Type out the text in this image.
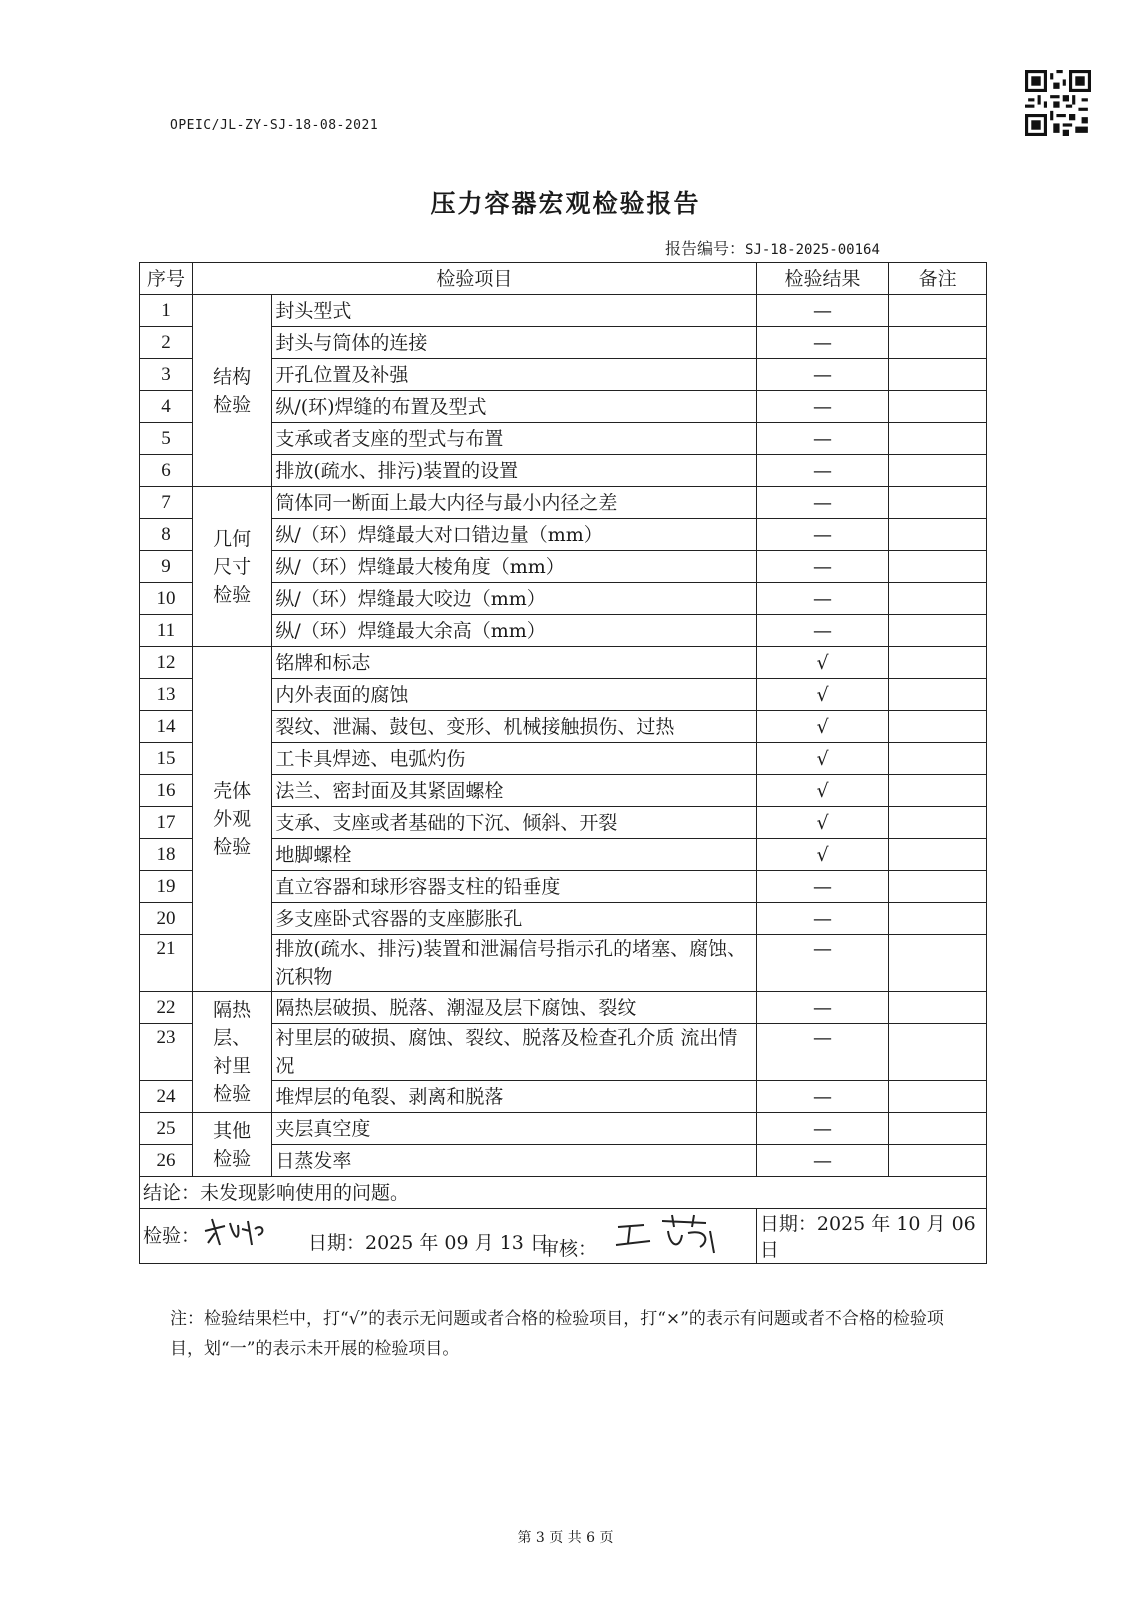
OPEIC/JL-ZY-SJ-18-08-2021
压力容器宏观检验报告
报告编号：SJ-18-2025-00164
序号	检验项目		检验结果	备注
1	结构检验	封头型式	—	
2		封头与筒体的连接	—	
3		开孔位置及补强	—	
4		纵/(环)焊缝的布置及型式	—	
5		支承或者支座的型式与布置	—	
6		排放(疏水、排污)装置的设置	—	
7	几何尺寸检验	筒体同一断面上最大内径与最小内径之差	—	
8		纵/（环）焊缝最大对口错边量（mm）	—	
9		纵/（环）焊缝最大棱角度（mm）	—	
10		纵/（环）焊缝最大咬边（mm）	—	
11		纵/（环）焊缝最大余高（mm）	—	
12	壳体外观检验	铭牌和标志	√	
13		内外表面的腐蚀	√	
14		裂纹、泄漏、鼓包、变形、机械接触损伤、过热	√	
15		工卡具焊迹、电弧灼伤	√	
16		法兰、密封面及其紧固螺栓	√	
17		支承、支座或者基础的下沉、倾斜、开裂	√	
18		地脚螺栓	√	
19		直立容器和球形容器支柱的铅垂度	—	
20		多支座卧式容器的支座膨胀孔	—	
21		排放(疏水、排污)装置和泄漏信号指示孔的堵塞、腐蚀、沉积物	—	
22	隔热层、衬里检验	隔热层破损、脱落、潮湿及层下腐蚀、裂纹	—	
23		衬里层的破损、腐蚀、裂纹、脱落及检查孔介质 流出情况	—	
24		堆焊层的龟裂、剥离和脱落	—	
25	其他检验	夹层真空度	—	
26		日蒸发率	—	
结论：未发现影响使用的问题。				
检验： 日期：2025 年 09 月 13 日
审核：			日期：2025 年 10 月 06 日	
注：检验结果栏中，打“√”的表示无问题或者合格的检验项目，打“×”的表示有问题或者不合格的检验项目，划“一”的表示未开展的检验项目。
第 3 页 共 6 页
